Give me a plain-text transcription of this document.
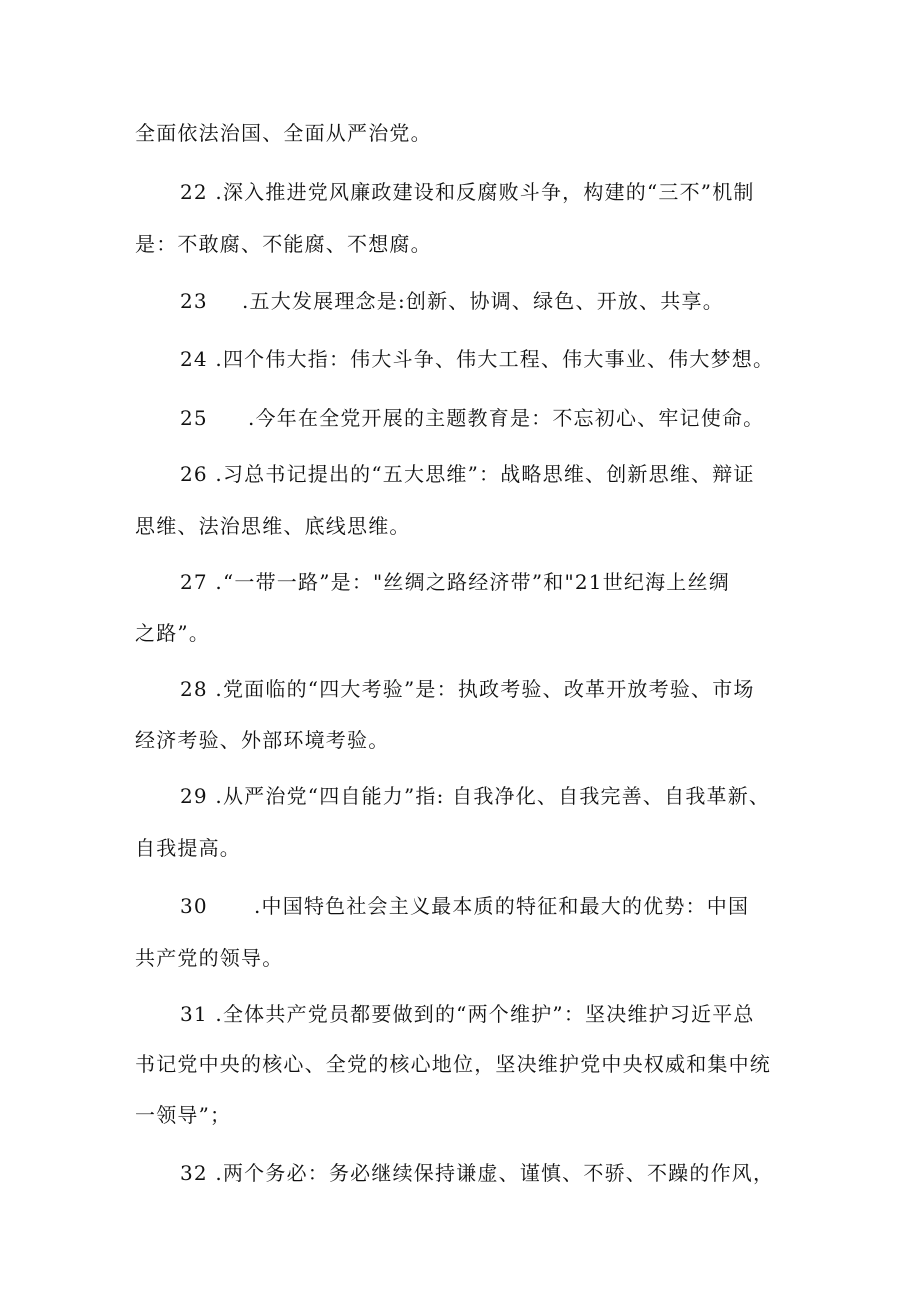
全面依法治国、全面从严治党。
22 .深入推进党风廉政建设和反腐败斗争，构建的“三不”机制
是：不敢腐、不能腐、不想腐。
23 .五大发展理念是:创新、协调、绿色、开放、共享。
24 .四个伟大指：伟大斗争、伟大工程、伟大事业、伟大梦想。
25 .今年在全党开展的主题教育是：不忘初心、牢记使命。
26 .习总书记提出的“五大思维”：战略思维、创新思维、辩证
思维、法治思维、底线思维。
27 .“一带一路”是："丝绸之路经济带”和"21世纪海上丝绸
之路”。
28 .党面临的“四大考验”是：执政考验、改革开放考验、市场
经济考验、外部环境考验。
29 .从严治党“四自能力”指: 自我净化、自我完善、自我革新、
自我提高。
30 .中国特色社会主义最本质的特征和最大的优势：中国
共产党的领导。
31 .全体共产党员都要做到的“两个维护”：坚决维护习近平总
书记党中央的核心、全党的核心地位，坚决维护党中央权威和集中统
一领导”；
32 .两个务必：务必继续保持谦虚、谨慎、不骄、不躁的作风，
